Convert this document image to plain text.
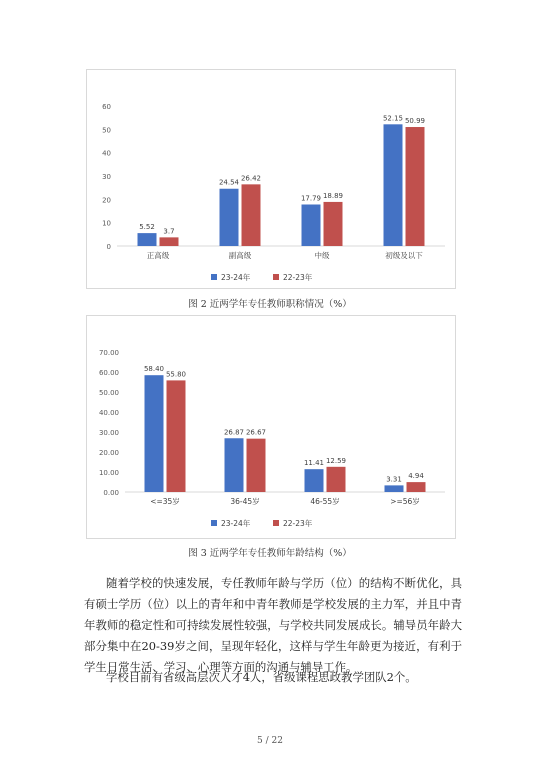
0
10
20
30
40
50
60
5.52
3.7
正高级
24.54
26.42
副高级
17.79 18.89
中级
52.15 50.99
初级及以下
23-24年	22-23年
图 2 近两学年专任教师职称情况（%）
0.00
10.00
20.00
30.00
40.00
50.00
60.00
70.00
58.40
55.80
<=35岁
26.87 26.67
36-45岁
11.41 12.59
46-55岁
3.31 4.94
>=56岁
23-24年	22-23年
图 3 近两学年专任教师年龄结构（%）
随着学校的快速发展，专任教师年龄与学历（位）的结构不断优化，具有硕士学历（位）以上的青年和中青年教师是学校发展的主力军，并且中青年教师的稳定性和可持续发展性较强，与学校共同发展成长。辅导员年龄大部分集中在20-39岁之间，呈现年轻化，这样与学生年龄更为接近，有利于学生日常生活、学习、心理等方面的沟通与辅导工作。
学校目前有省级高层次人才4人，省级课程思政教学团队2个。
5 / 22
